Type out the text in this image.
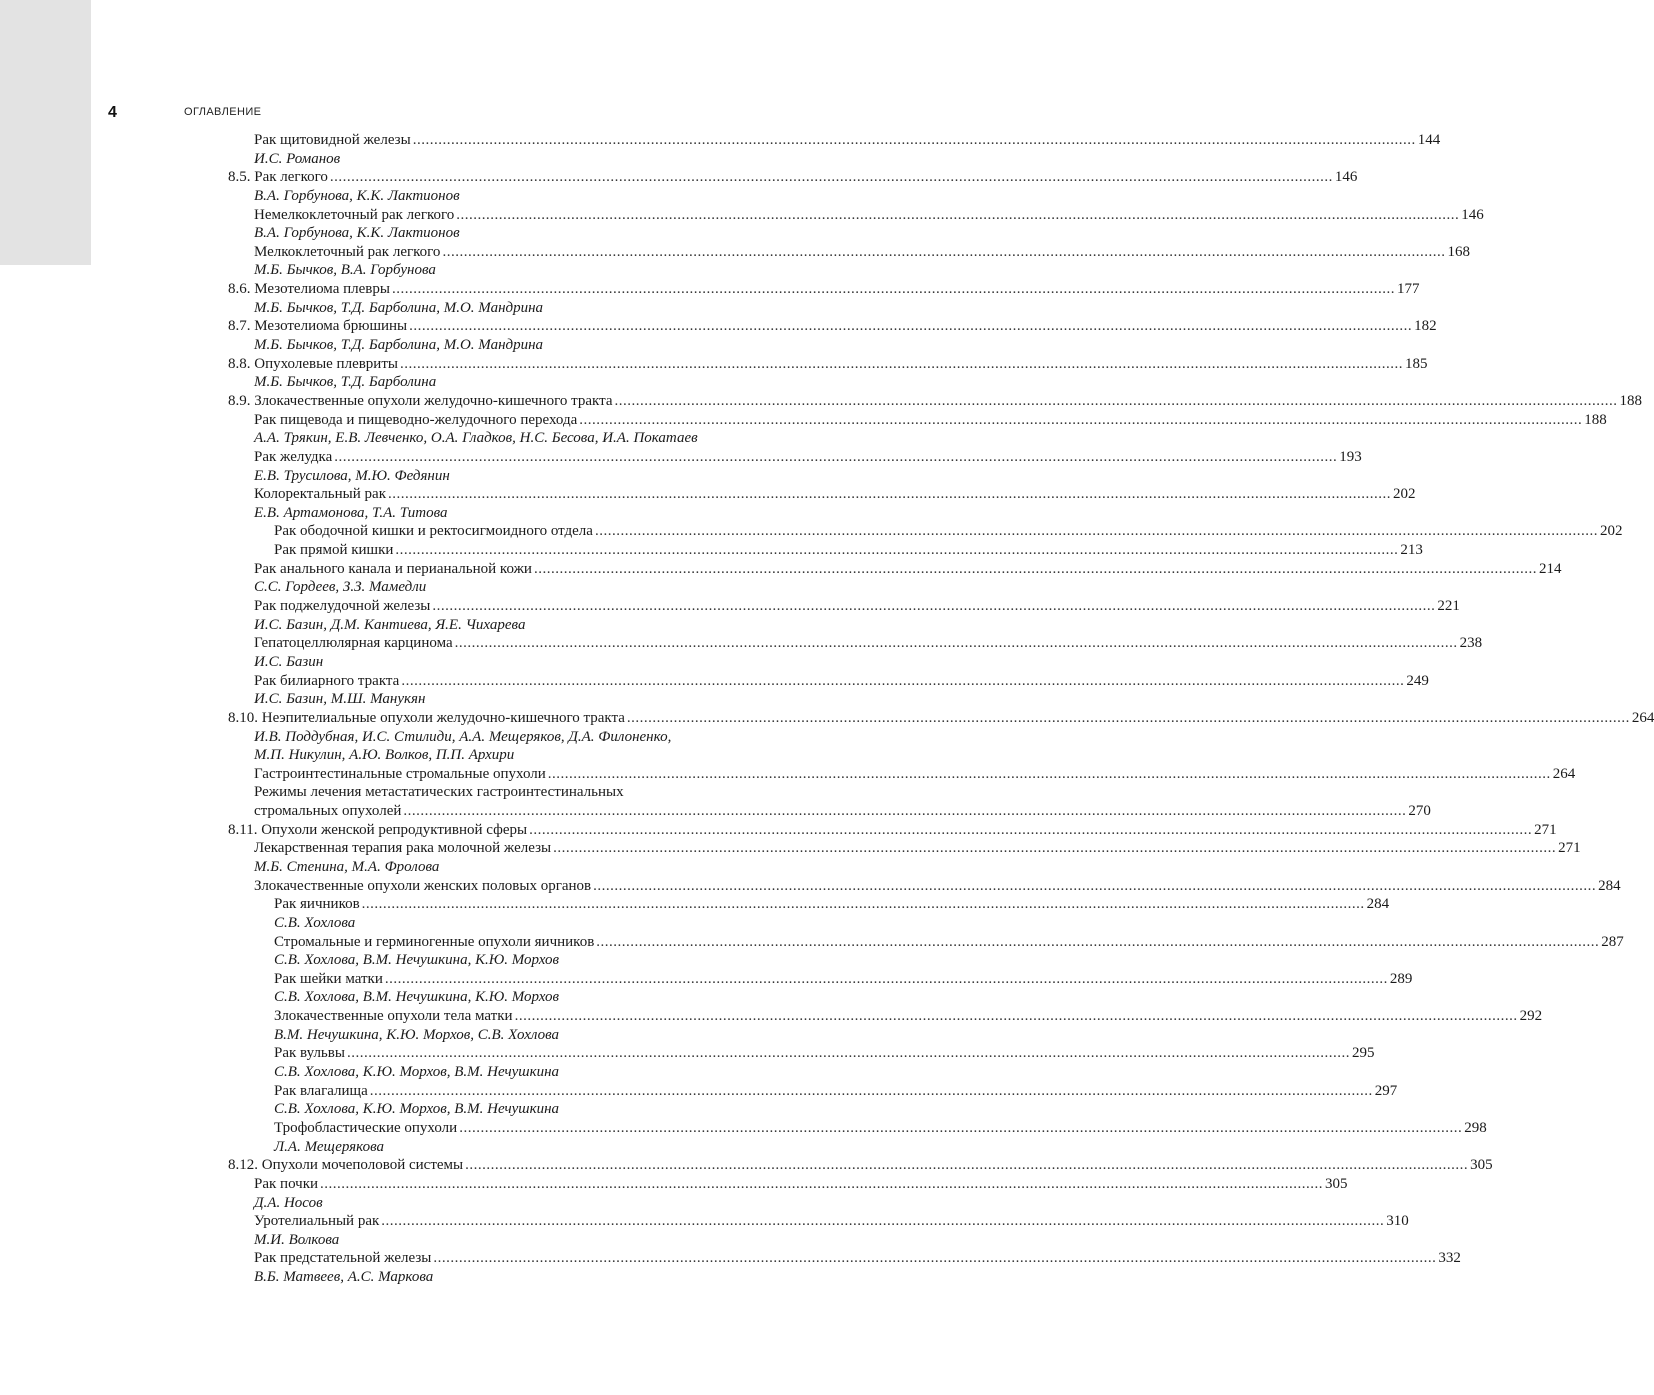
4	ОГЛАВЛЕНИЕ
Рак щитовидной железы .....	144
И.С. Романов
8.5. Рак легкого .....	146
В.А. Горбунова, К.К. Лактионов
Немелкоклеточный рак легкого .....	146
В.А. Горбунова, К.К. Лактионов
Мелкоклеточный рак легкого .....	168
М.Б. Бычков, В.А. Горбунова
8.6. Мезотелиома плевры .....	177
М.Б. Бычков, Т.Д. Барболина, М.О. Мандрина
8.7. Мезотелиома брюшины .....	182
М.Б. Бычков, Т.Д. Барболина, М.О. Мандрина
8.8. Опухолевые плевриты .....	185
М.Б. Бычков, Т.Д. Барболина
8.9. Злокачественные опухоли желудочно-кишечного тракта .....	188
Рак пищевода и пищеводно-желудочного перехода .....	188
А.А. Трякин, Е.В. Левченко, О.А. Гладков, Н.С. Бесова, И.А. Покатаев
Рак желудка .....	193
Е.В. Трусилова, М.Ю. Федянин
Колоректальный рак .....	202
Е.В. Артамонова, Т.А. Титова
Рак ободочной кишки и ректосигмоидного отдела .....	202
Рак прямой кишки .....	213
Рак анального канала и перианальной кожи .....	214
С.С. Гордеев, З.З. Мамедли
Рак поджелудочной железы .....	221
И.С. Базин, Д.М. Кантиева, Я.Е. Чихарева
Гепатоцеллюлярная карцинома .....	238
И.С. Базин
Рак билиарного тракта .....	249
И.С. Базин, М.Ш. Манукян
8.10. Неэпителиальные опухоли желудочно-кишечного тракта .....	264
И.В. Поддубная, И.С. Стилиди, А.А. Мещеряков, Д.А. Филоненко,
М.П. Никулин, А.Ю. Волков, П.П. Архири
Гастроинтестинальные стромальные опухоли .....	264
Режимы лечения метастатических гастроинтестинальных
стромальных опухолей .....	270
8.11. Опухоли женской репродуктивной сферы .....	271
Лекарственная терапия рака молочной железы .....	271
М.Б. Стенина, М.А. Фролова
Злокачественные опухоли женских половых органов .....	284
Рак яичников .....	284
С.В. Хохлова
Стромальные и герминогенные опухоли яичников .....	287
С.В. Хохлова, В.М. Нечушкина, К.Ю. Морхов
Рак шейки матки .....	289
С.В. Хохлова, В.М. Нечушкина, К.Ю. Морхов
Злокачественные опухоли тела матки .....	292
В.М. Нечушкина, К.Ю. Морхов, С.В. Хохлова
Рак вульвы .....	295
С.В. Хохлова, К.Ю. Морхов, В.М. Нечушкина
Рак влагалища .....	297
С.В. Хохлова, К.Ю. Морхов, В.М. Нечушкина
Трофобластические опухоли .....	298
Л.А. Мещерякова
8.12. Опухоли мочеполовой системы .....	305
Рак почки .....	305
Д.А. Носов
Уротелиальный рак .....	310
М.И. Волкова
Рак предстательной железы .....	332
В.Б. Матвеев, А.С. Маркова
